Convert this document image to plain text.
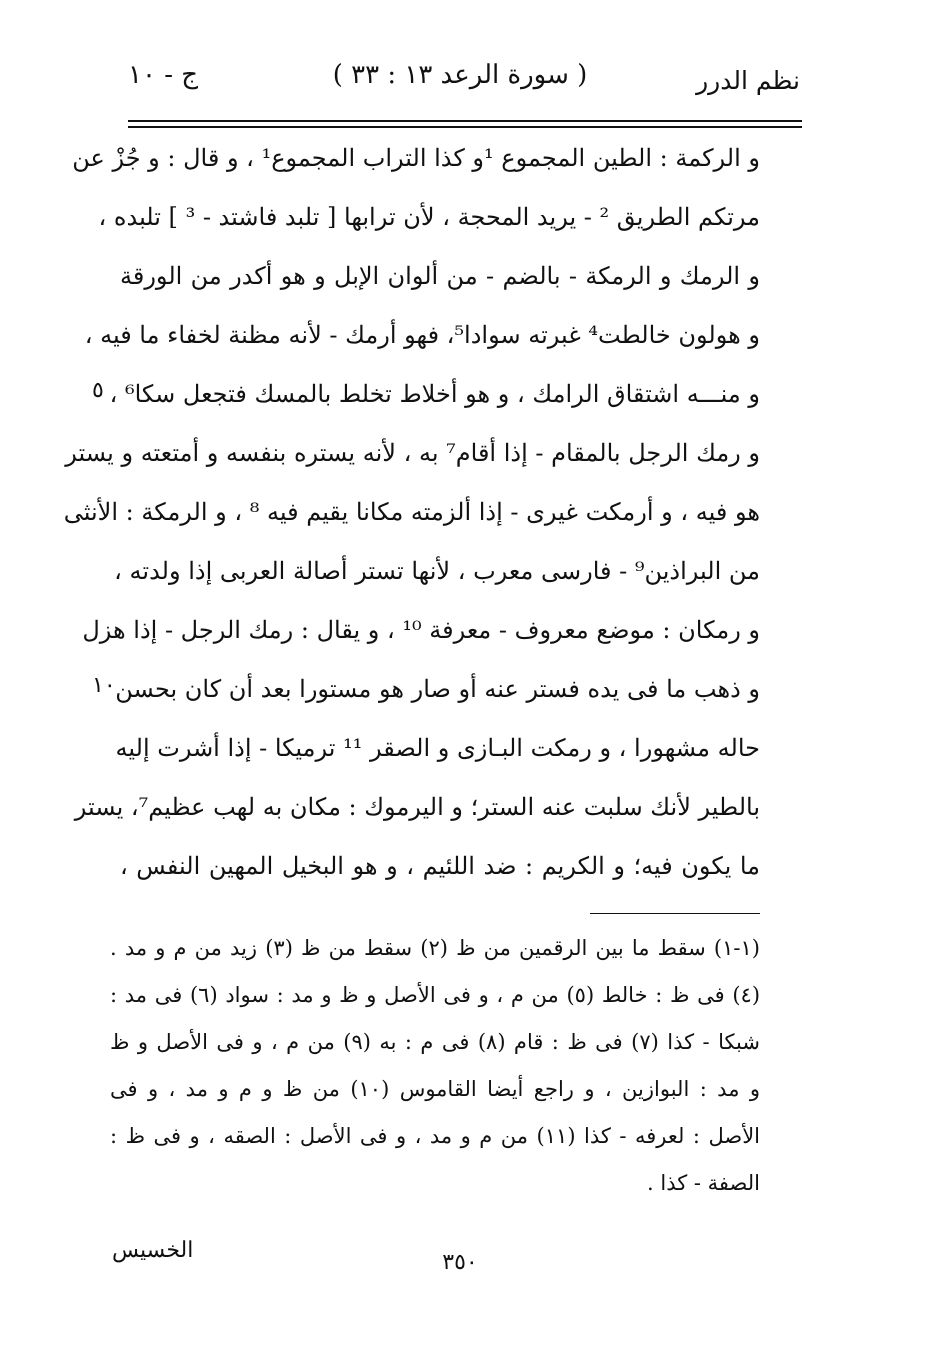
نظم الدرر
( سورة الرعد ١٣ : ٣٣ )
ج - ١٠
و الركمة : الطين المجموع ¹و كذا التراب المجموع¹ ، و قال : و جُزْ عن
مرتكم الطريق ² - يريد المحجة ، لأن ترابها [ تلبد فاشتد - ³ ] تلبده ،
و الرمك و الرمكة - بالضم - من ألوان الإبل و هو أكدر من الورقة
و هولون خالطت⁴ غبرته سوادا⁵، فهو أرمك - لأنه مظنة لخفاء ما فيه ،
و منـــه اشتقاق الرامك ، و هو أخلاط تخلط بالمسك فتجعل سكا⁶ ،
٥
و رمك الرجل بالمقام - إذا أقام⁷ به ، لأنه يستره بنفسه و أمتعته و يستر
هو فيه ، و أرمكت غيرى - إذا ألزمته مكانا يقيم فيه ⁸ ، و الرمكة : الأنثى
من البراذين⁹ - فارسى معرب ، لأنها تستر أصالة العربى إذا ولدته ،
و رمكان : موضع معروف - معرفة ¹⁰ ، و يقال : رمك الرجل - إذا هزل
و ذهب ما فى يده فستر عنه أو صار هو مستورا بعد أن كان بحسن
١٠
حاله مشهورا ، و رمكت البـازى و الصقر ¹¹ ترميكا - إذا أشرت إليه
بالطير لأنك سلبت عنه الستر؛ و اليرموك : مكان به لهب عظيم⁷، يستر
ما يكون فيه؛ و الكريم : ضد اللئيم ، و هو البخيل المهين النفس ،
(١-١) سقط ما بين الرقمين من ظ (٢) سقط من ظ (٣) زيد من م و مد .
(٤) فى ظ : خالط (٥) من م ، و فى الأصل و ظ و مد : سواد (٦) فى مد :
شبكا - كذا (٧) فى ظ : قام (٨) فى م : به (٩) من م ، و فى الأصل و ظ
و مد : البوازين ، و راجع أيضا القاموس (١٠) من ظ و م و مد ، و فى
الأصل : لعرفه - كذا (١١) من م و مد ، و فى الأصل : الصقه ، و فى ظ :
الصفة - كذا .
الخسيس	٣٥٠
